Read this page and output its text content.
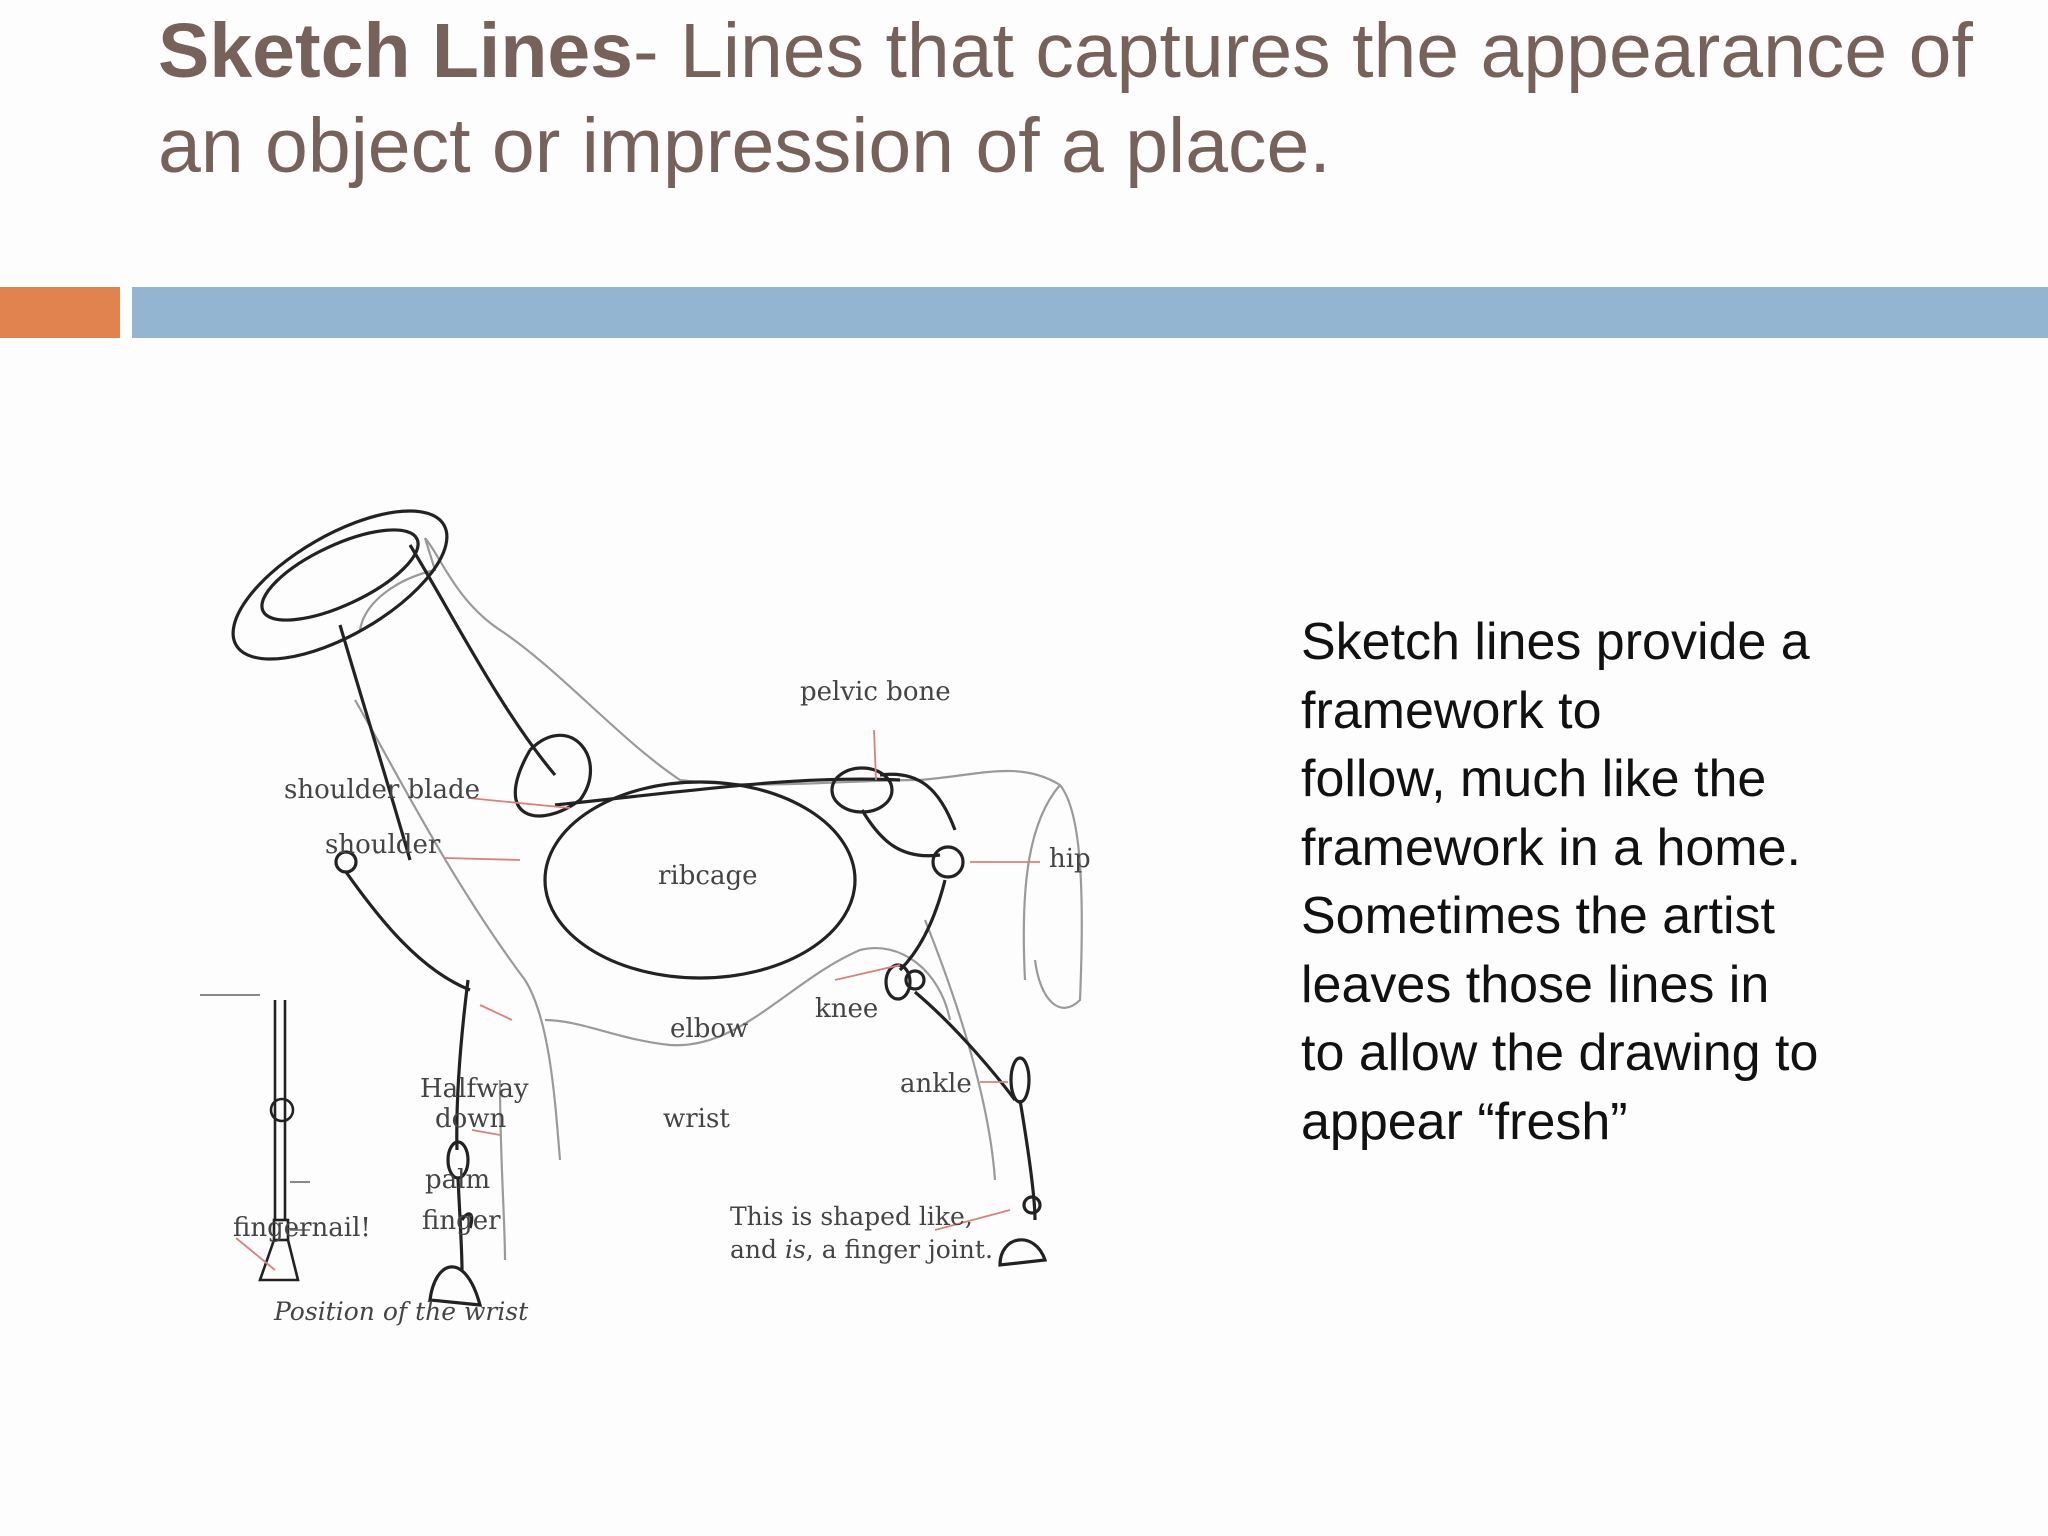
Sketch Lines- Lines that captures the appearance of an object or impression of a place.
pelvic bone
shoulder blade
shoulder
ribcage
hip
elbow
knee
ankle
Halfway
down	wrist
palm
finger
fingernail!	This is shaped like,
and is, a finger joint.
Position of the wrist
Sketch lines provide a
framework to
follow, much like the
framework in a home.
Sometimes the artist
leaves those lines in
to allow the drawing to
appear “fresh”
